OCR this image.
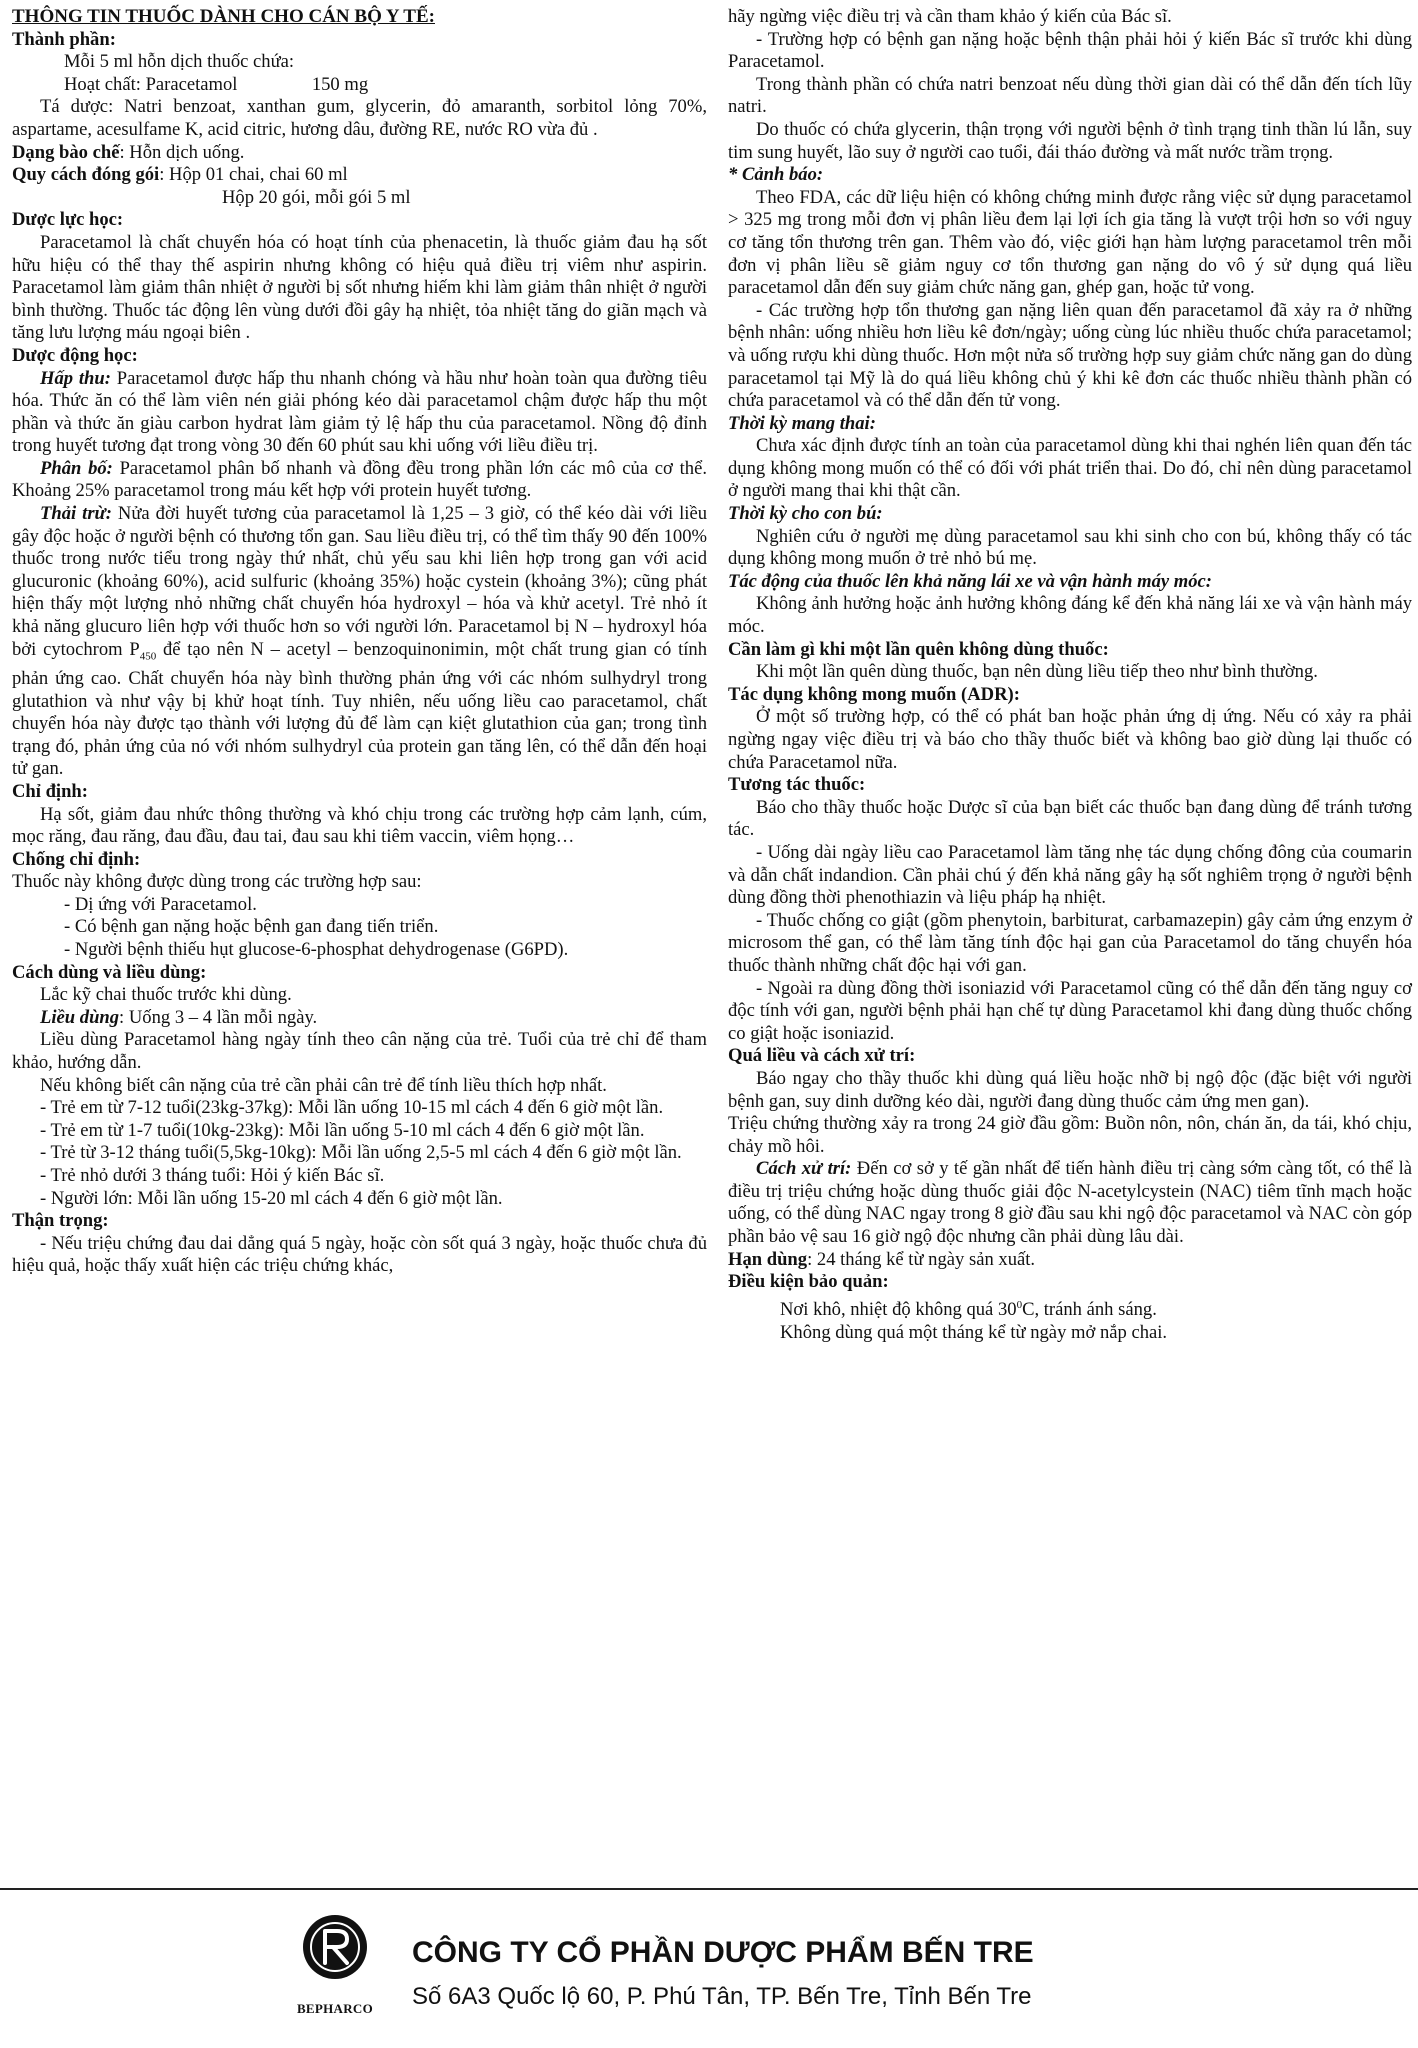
THÔNG TIN THUỐC DÀNH CHO CÁN BỘ Y TẾ:

Thành phần:

Mỗi 5 ml hỗn dịch thuốc chứa:

Hoạt chất: Paracetamol                150 mg

Tá dược: Natri benzoat, xanthan gum, glycerin, đỏ amaranth, sorbitol lỏng 70%, aspartame, acesulfame K, acid citric, hương dâu, đường RE, nước RO vừa đủ .

Dạng bào chế: Hỗn dịch uống.

Quy cách đóng gói: Hộp 01 chai, chai 60 ml

Hộp 20 gói, mỗi gói 5 ml

Dược lực học:

Paracetamol là chất chuyển hóa có hoạt tính của phenacetin, là thuốc giảm đau hạ sốt hữu hiệu có thể thay thế aspirin nhưng không có hiệu quả điều trị viêm như aspirin. Paracetamol làm giảm thân nhiệt ở người bị sốt nhưng hiếm khi làm giảm thân nhiệt ở người bình thường. Thuốc tác động lên vùng dưới đồi gây hạ nhiệt, tỏa nhiệt tăng do giãn mạch và tăng lưu lượng máu ngoại biên .

Dược động học:

Hấp thu: Paracetamol được hấp thu nhanh chóng và hầu như hoàn toàn qua đường tiêu hóa. Thức ăn có thể làm viên nén giải phóng kéo dài paracetamol chậm được hấp thu một phần và thức ăn giàu carbon hydrat làm giảm tỷ lệ hấp thu của paracetamol. Nồng độ đỉnh trong huyết tương đạt trong vòng 30 đến 60 phút sau khi uống với liều điều trị.

Phân bố: Paracetamol phân bố nhanh và đồng đều trong phần lớn các mô của cơ thể. Khoảng 25% paracetamol trong máu kết hợp với protein huyết tương.

Thải trừ: Nửa đời huyết tương của paracetamol là 1,25 – 3 giờ, có thể kéo dài với liều gây độc hoặc ở người bệnh có thương tổn gan. Sau liều điều trị, có thể tìm thấy 90 đến 100% thuốc trong nước tiểu trong ngày thứ nhất, chủ yếu sau khi liên hợp trong gan với acid glucuronic (khoảng 60%), acid sulfuric (khoảng 35%) hoặc cystein (khoảng 3%); cũng phát hiện thấy một lượng nhỏ những chất chuyển hóa hydroxyl – hóa và khử acetyl. Trẻ nhỏ ít khả năng glucuro liên hợp với thuốc hơn so với người lớn. Paracetamol bị N – hydroxyl hóa bởi cytochrom $P_{450}$ để tạo nên N – acetyl – benzoquinonimin, một chất trung gian có tính phản ứng cao. Chất chuyển hóa này bình thường phản ứng với các nhóm sulhydryl trong glutathion và như vậy bị khử hoạt tính. Tuy nhiên, nếu uống liều cao paracetamol, chất chuyển hóa này được tạo thành với lượng đủ để làm cạn kiệt glutathion của gan; trong tình trạng đó, phản ứng của nó với nhóm sulhydryl của protein gan tăng lên, có thể dẫn đến hoại tử gan.

Chỉ định:

Hạ sốt, giảm đau nhức thông thường và khó chịu trong các trường hợp cảm lạnh, cúm, mọc răng, đau răng, đau đầu, đau tai, đau sau khi tiêm vaccin, viêm họng…

Chống chỉ định:

Thuốc này không được dùng trong các trường hợp sau:

- Dị ứng với Paracetamol.

- Có bệnh gan nặng hoặc bệnh gan đang tiến triển.

- Người bệnh thiếu hụt glucose-6-phosphat dehydrogenase (G6PD).

Cách dùng và liều dùng:

Lắc kỹ chai thuốc trước khi dùng.

Liều dùng: Uống 3 – 4 lần mỗi ngày.

Liều dùng Paracetamol hàng ngày tính theo cân nặng của trẻ. Tuổi của trẻ chỉ để tham khảo, hướng dẫn.

Nếu không biết cân nặng của trẻ cần phải cân trẻ để tính liều thích hợp nhất.

- Trẻ em từ 7-12 tuổi(23kg-37kg): Mỗi lần uống 10-15 ml cách 4 đến 6 giờ một lần.

- Trẻ em từ 1-7 tuổi(10kg-23kg): Mỗi lần uống 5-10 ml cách 4 đến 6 giờ một lần.

- Trẻ từ 3-12 tháng tuổi(5,5kg-10kg): Mỗi lần uống 2,5-5 ml cách 4 đến 6 giờ một lần.

- Trẻ nhỏ dưới 3 tháng tuổi: Hỏi ý kiến Bác sĩ.

- Người lớn: Mỗi lần uống 15-20 ml cách 4 đến 6 giờ một lần.

Thận trọng:

- Nếu triệu chứng đau dai dẳng quá 5 ngày, hoặc còn sốt quá 3 ngày, hoặc thuốc chưa đủ hiệu quả, hoặc thấy xuất hiện các triệu chứng khác,

hãy ngừng việc điều trị và cần tham khảo ý kiến của Bác sĩ.

- Trường hợp có bệnh gan nặng hoặc bệnh thận phải hỏi ý kiến Bác sĩ trước khi dùng Paracetamol.

Trong thành phần có chứa natri benzoat nếu dùng thời gian dài có thể dẫn đến tích lũy natri.

Do thuốc có chứa glycerin, thận trọng với người bệnh ở tình trạng tinh thần lú lẫn, suy tim sung huyết, lão suy ở người cao tuổi, đái tháo đường và mất nước trầm trọng.

* Cảnh báo:

Theo FDA, các dữ liệu hiện có không chứng minh được rằng việc sử dụng paracetamol > 325 mg trong mỗi đơn vị phân liều đem lại lợi ích gia tăng là vượt trội hơn so với nguy cơ tăng tổn thương trên gan. Thêm vào đó, việc giới hạn hàm lượng paracetamol trên mỗi đơn vị phân liều sẽ giảm nguy cơ tổn thương gan nặng do vô ý sử dụng quá liều paracetamol dẫn đến suy giảm chức năng gan, ghép gan, hoặc tử vong.

- Các trường hợp tổn thương gan nặng liên quan đến paracetamol đã xảy ra ở những bệnh nhân: uống nhiều hơn liều kê đơn/ngày; uống cùng lúc nhiều thuốc chứa paracetamol; và uống rượu khi dùng thuốc. Hơn một nửa số trường hợp suy giảm chức năng gan do dùng paracetamol tại Mỹ là do quá liều không chủ ý khi kê đơn các thuốc nhiều thành phần có chứa paracetamol và có thể dẫn đến tử vong.

Thời kỳ mang thai:

Chưa xác định được tính an toàn của paracetamol dùng khi thai nghén liên quan đến tác dụng không mong muốn có thể có đối với phát triển thai. Do đó, chỉ nên dùng paracetamol ở người mang thai khi thật cần.

Thời kỳ cho con bú:

Nghiên cứu ở người mẹ dùng paracetamol sau khi sinh cho con bú, không thấy có tác dụng không mong muốn ở trẻ nhỏ bú mẹ.

Tác động của thuốc lên khả năng lái xe và vận hành máy móc:

Không ảnh hưởng hoặc ảnh hưởng không đáng kể đến khả năng lái xe và vận hành máy móc.

Cần làm gì khi một lần quên không dùng thuốc:

Khi một lần quên dùng thuốc, bạn nên dùng liều tiếp theo như bình thường.

Tác dụng không mong muốn (ADR):

Ở một số trường hợp, có thể có phát ban hoặc phản ứng dị ứng. Nếu có xảy ra phải ngừng ngay việc điều trị và báo cho thầy thuốc biết và không bao giờ dùng lại thuốc có chứa Paracetamol nữa.

Tương tác thuốc:

Báo cho thầy thuốc hoặc Dược sĩ của bạn biết các thuốc bạn đang dùng để tránh tương tác.

- Uống dài ngày liều cao Paracetamol làm tăng nhẹ tác dụng chống đông của coumarin và dẫn chất indandion. Cần phải chú ý đến khả năng gây hạ sốt nghiêm trọng ở người bệnh dùng đồng thời phenothiazin và liệu pháp hạ nhiệt.

- Thuốc chống co giật (gồm phenytoin, barbiturat, carbamazepin) gây cảm ứng enzym ở microsom thể gan, có thể làm tăng tính độc hại gan của Paracetamol do tăng chuyển hóa thuốc thành những chất độc hại với gan.

- Ngoài ra dùng đồng thời isoniazid với Paracetamol cũng có thể dẫn đến tăng nguy cơ độc tính với gan, người bệnh phải hạn chế tự dùng Paracetamol khi đang dùng thuốc chống co giật hoặc isoniazid.

Quá liều và cách xử trí:

Báo ngay cho thầy thuốc khi dùng quá liều hoặc nhỡ bị ngộ độc (đặc biệt với người bệnh gan, suy dinh dưỡng kéo dài, người đang dùng thuốc cảm ứng men gan).

Triệu chứng thường xảy ra trong 24 giờ đầu gồm: Buồn nôn, nôn, chán ăn, da tái, khó chịu, chảy mồ hôi.

Cách xử trí: Đến cơ sở y tế gần nhất để tiến hành điều trị càng sớm càng tốt, có thể là điều trị triệu chứng hoặc dùng thuốc giải độc N-acetylcystein (NAC) tiêm tĩnh mạch hoặc uống, có thể dùng NAC ngay trong 8 giờ đầu sau khi ngộ độc paracetamol và NAC còn góp phần bảo vệ sau 16 giờ ngộ độc nhưng cần phải dùng lâu dài.

Hạn dùng: 24 tháng kể từ ngày sản xuất.

Điều kiện bảo quản:

Nơi khô, nhiệt độ không quá $30^0C$, tránh ánh sáng.

Không dùng quá một tháng kể từ ngày mở nắp chai.

BEPHARCO
CÔNG TY CỔ PHẦN DƯỢC PHẨM BẾN TRE
Số 6A3 Quốc lộ 60, P. Phú Tân, TP. Bến Tre, Tỉnh Bến Tre
